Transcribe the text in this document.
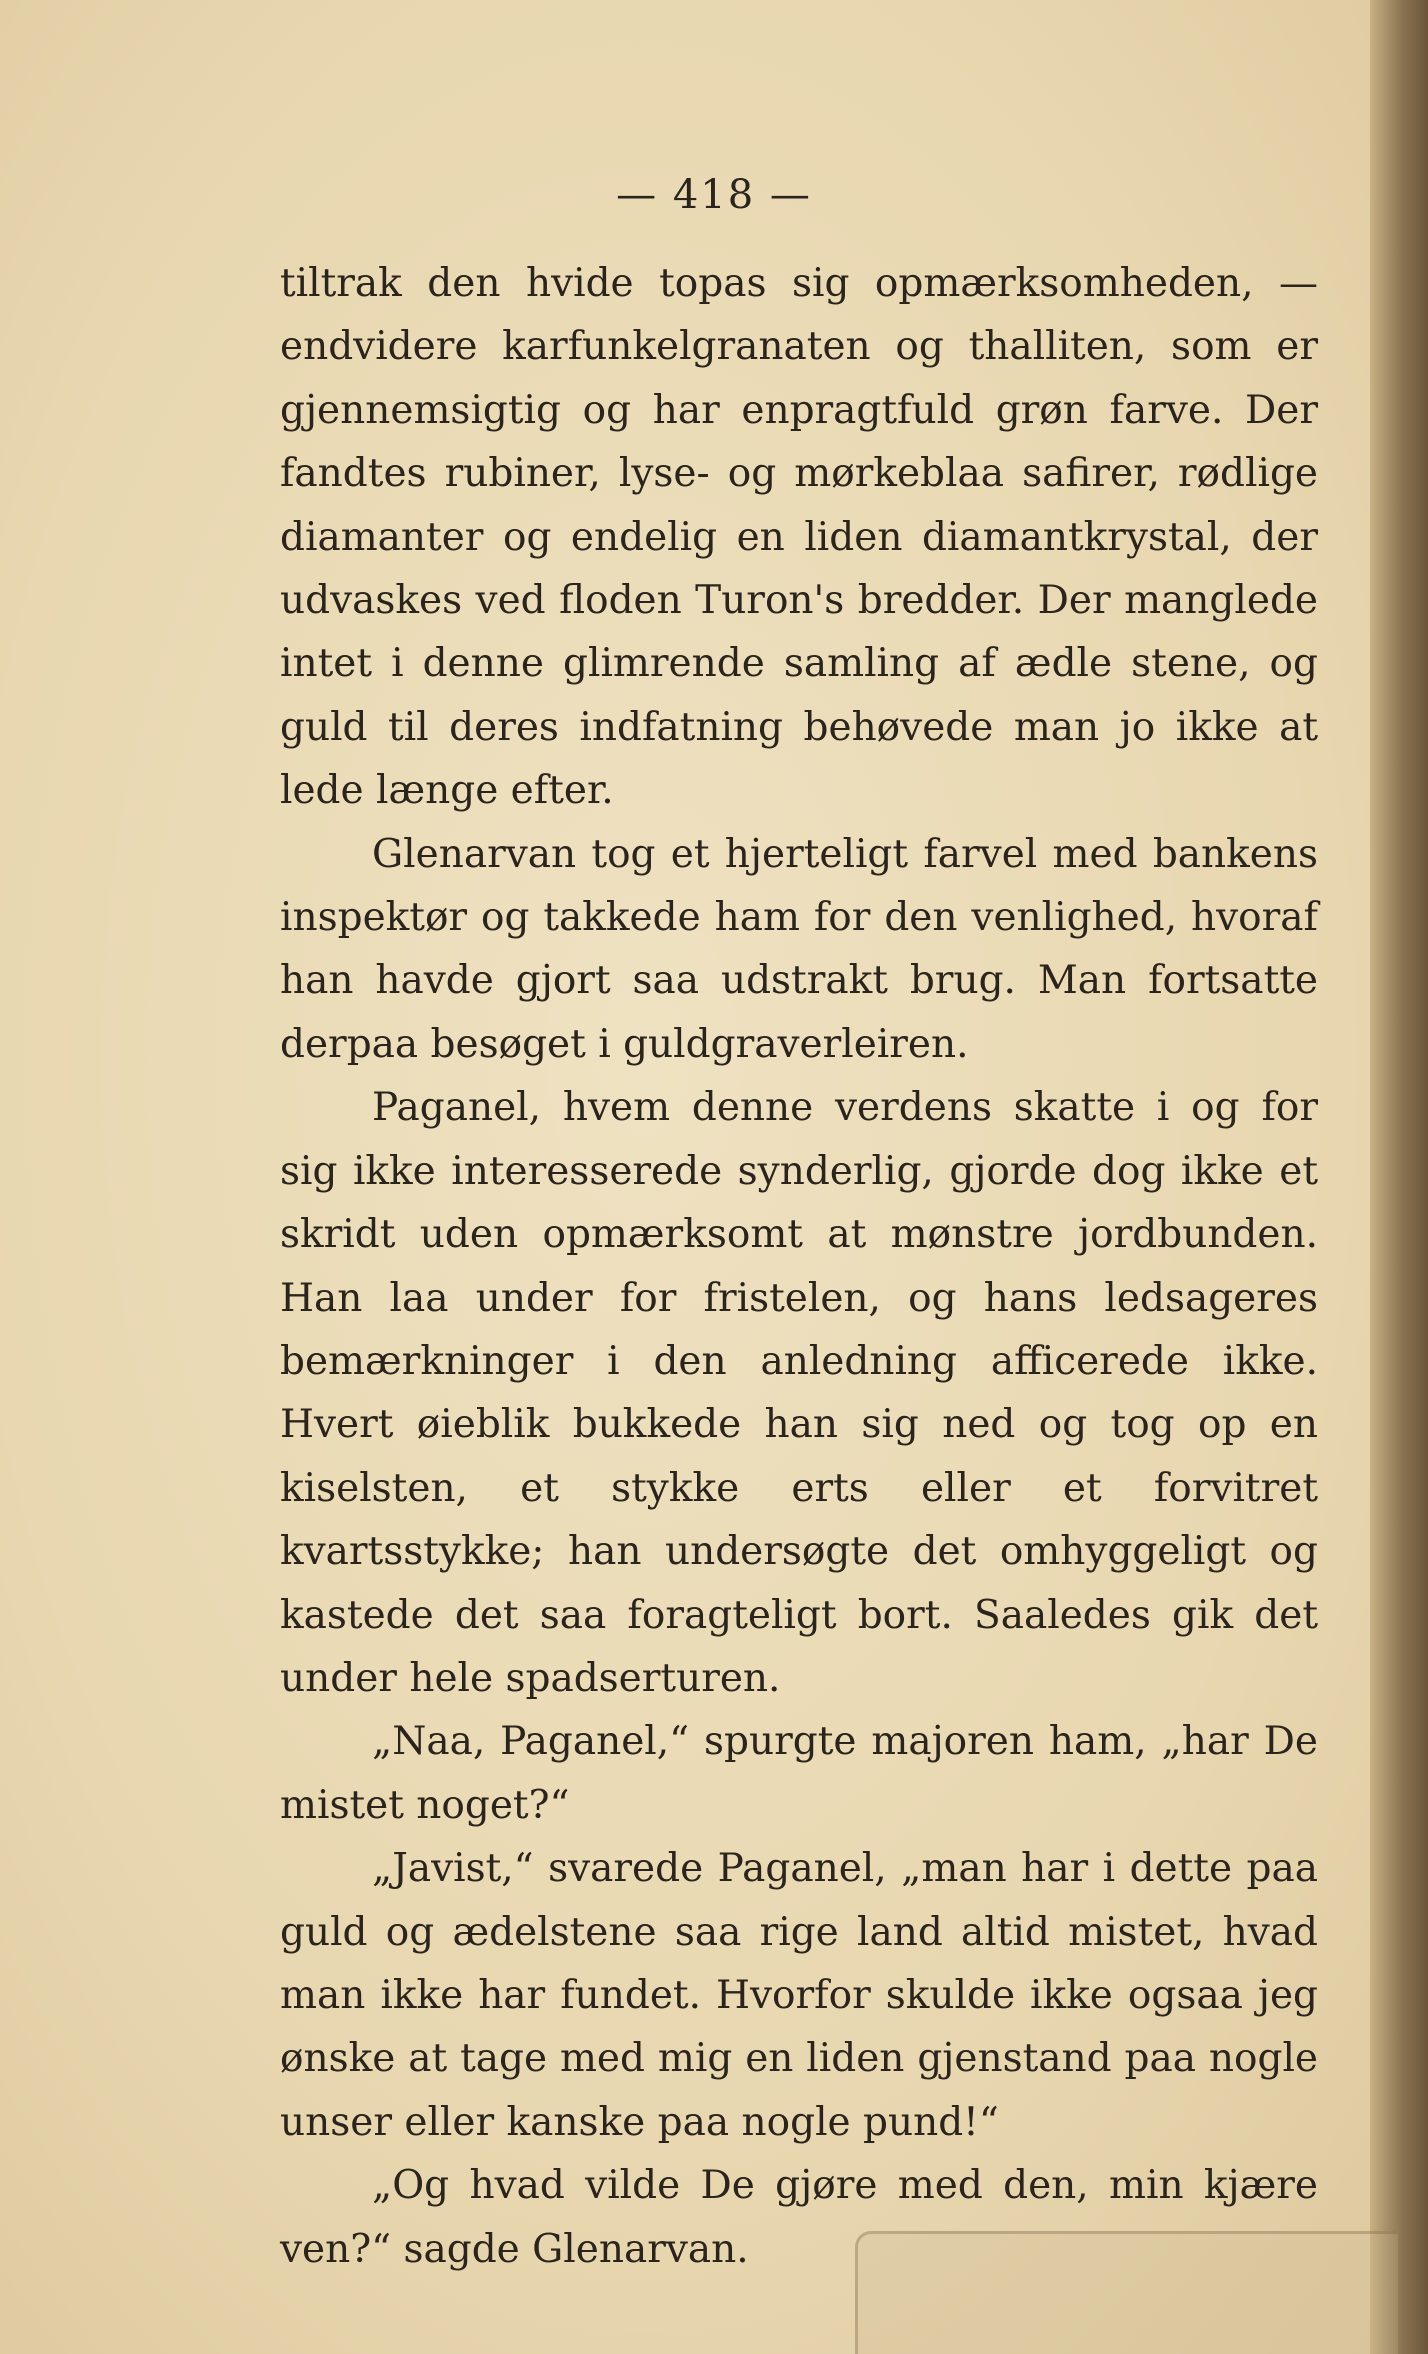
— 418 —

tiltrak den hvide topas sig opmærksomheden, — endvidere karfunkelgranaten og thalliten, som er gjennemsigtig og har enpragtfuld grøn farve. Der fandtes rubiner, lyse- og mørkeblaa safirer, rødlige diamanter og endelig en liden diamantkrystal, der udvaskes ved floden Turon's bredder. Der manglede intet i denne glimrende samling af ædle stene, og guld til deres indfatning behøvede man jo ikke at lede længe efter.

Glenarvan tog et hjerteligt farvel med bankens inspektør og takkede ham for den venlighed, hvoraf han havde gjort saa udstrakt brug. Man fortsatte derpaa besøget i guldgraverleiren.

Paganel, hvem denne verdens skatte i og for sig ikke interesserede synderlig, gjorde dog ikke et skridt uden opmærksomt at mønstre jordbunden. Han laa under for fristelen, og hans ledsageres bemærkninger i den anledning afficerede ikke. Hvert øieblik bukkede han sig ned og tog op en kiselsten, et stykke erts eller et forvitret kvartsstykke; han undersøgte det omhyggeligt og kastede det saa foragteligt bort. Saaledes gik det under hele spadserturen.

„Naa, Paganel,“ spurgte majoren ham, „har De mistet noget?“

„Javist,“ svarede Paganel, „man har i dette paa guld og ædelstene saa rige land altid mistet, hvad man ikke har fundet. Hvorfor skulde ikke ogsaa jeg ønske at tage med mig en liden gjenstand paa nogle unser eller kanske paa nogle pund!“

„Og hvad vilde De gjøre med den, min kjære ven?“ sagde Glenarvan.
